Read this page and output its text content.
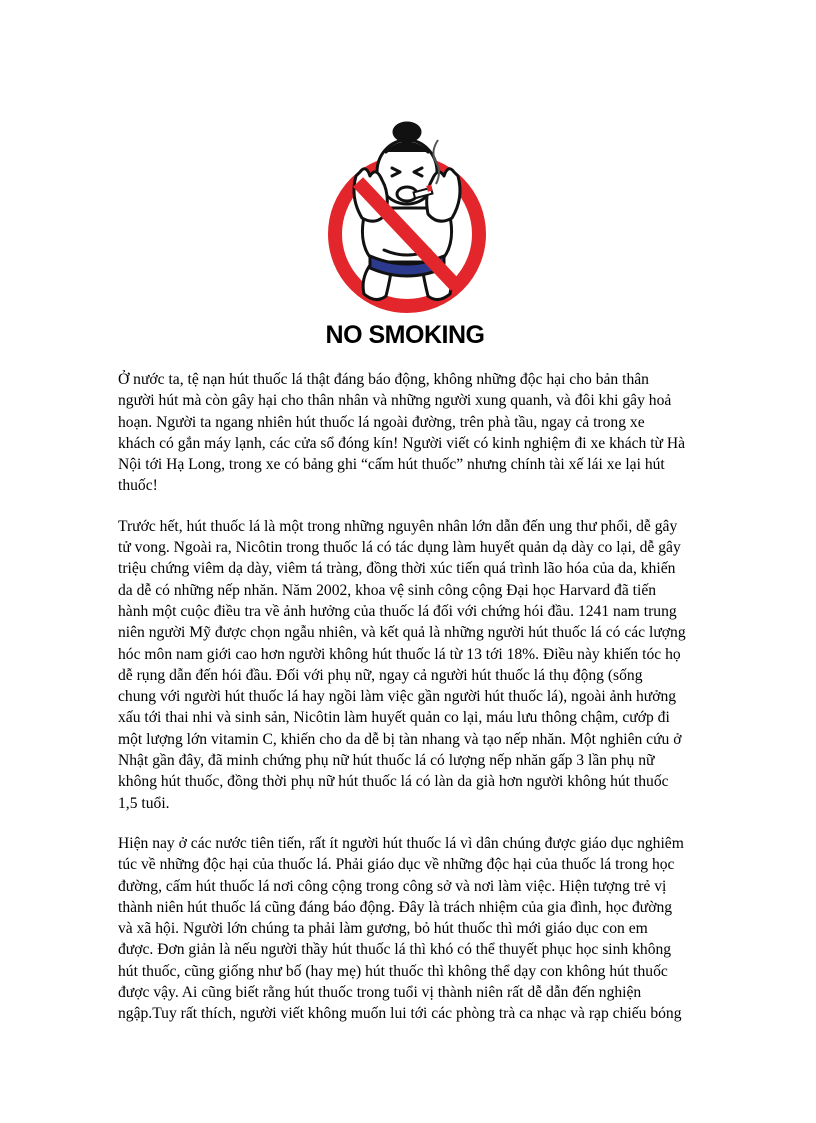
NO SMOKING

Ở nước ta, tệ nạn hút thuốc lá thật đáng báo động, không những độc hại cho bản thân
người hút mà còn gây hại cho thân nhân và những người xung quanh, và đôi khi gây hoả
hoạn. Người ta ngang nhiên hút thuốc lá ngoài đường, trên phà tầu, ngay cả trong xe
khách có gắn máy lạnh, các cửa sổ đóng kín! Người viết có kinh nghiệm đi xe khách từ Hà
Nội tới Hạ Long, trong xe có bảng ghi “cấm hút thuốc” nhưng chính tài xế lái xe lại hút
thuốc!

Trước hết, hút thuốc lá là một trong những nguyên nhân lớn dẫn đến ung thư phổi, dễ gây
tử vong. Ngoài ra, Nicôtin trong thuốc lá có tác dụng làm huyết quản dạ dày co lại, dễ gây
triệu chứng viêm dạ dày, viêm tá tràng, đồng thời xúc tiến quá trình lão hóa của da, khiến
da dễ có những nếp nhăn. Năm 2002, khoa vệ sinh công cộng Đại học Harvard đã tiến
hành một cuộc điều tra về ảnh hưởng của thuốc lá đối với chứng hói đầu. 1241 nam trung
niên người Mỹ được chọn ngẫu nhiên, và kết quả là những người hút thuốc lá có các lượng
hóc môn nam giới cao hơn người không hút thuốc lá từ 13 tới 18%. Điều này khiến tóc họ
dễ rụng dẫn đến hói đầu. Đối với phụ nữ, ngay cả người hút thuốc lá thụ động (sống
chung với người hút thuốc lá hay ngồi làm việc gần người hút thuốc lá), ngoài ảnh hưởng
xấu tới thai nhi và sinh sản, Nicôtin làm huyết quản co lại, máu lưu thông chậm, cướp đi
một lượng lớn vitamin C, khiến cho da dễ bị tàn nhang và tạo nếp nhăn. Một nghiên cứu ở
Nhật gần đây, đã minh chứng phụ nữ hút thuốc lá có lượng nếp nhăn gấp 3 lần phụ nữ
không hút thuốc, đồng thời phụ nữ hút thuốc lá có làn da già hơn người không hút thuốc
1,5 tuổi.

Hiện nay ở các nước tiên tiến, rất ít người hút thuốc lá vì dân chúng được giáo dục nghiêm
túc về những độc hại của thuốc lá. Phải giáo dục về những độc hại của thuốc lá trong học
đường, cấm hút thuốc lá nơi công cộng trong công sở và nơi làm việc. Hiện tượng trẻ vị
thành niên hút thuốc lá cũng đáng báo động. Đây là trách nhiệm của gia đình, học đường
và xã hội. Người lớn chúng ta phải làm gương, bỏ hút thuốc thì mới giáo dục con em
được. Đơn giản là nếu người thầy hút thuốc lá thì khó có thể thuyết phục học sinh không
hút thuốc, cũng giống như bố (hay mẹ) hút thuốc thì không thể dạy con không hút thuốc
được vậy. Ai cũng biết rằng hút thuốc trong tuổi vị thành niên rất dễ dẫn đến nghiện
ngập.Tuy rất thích, người viết không muốn lui tới các phòng trà ca nhạc và rạp chiếu bóng
